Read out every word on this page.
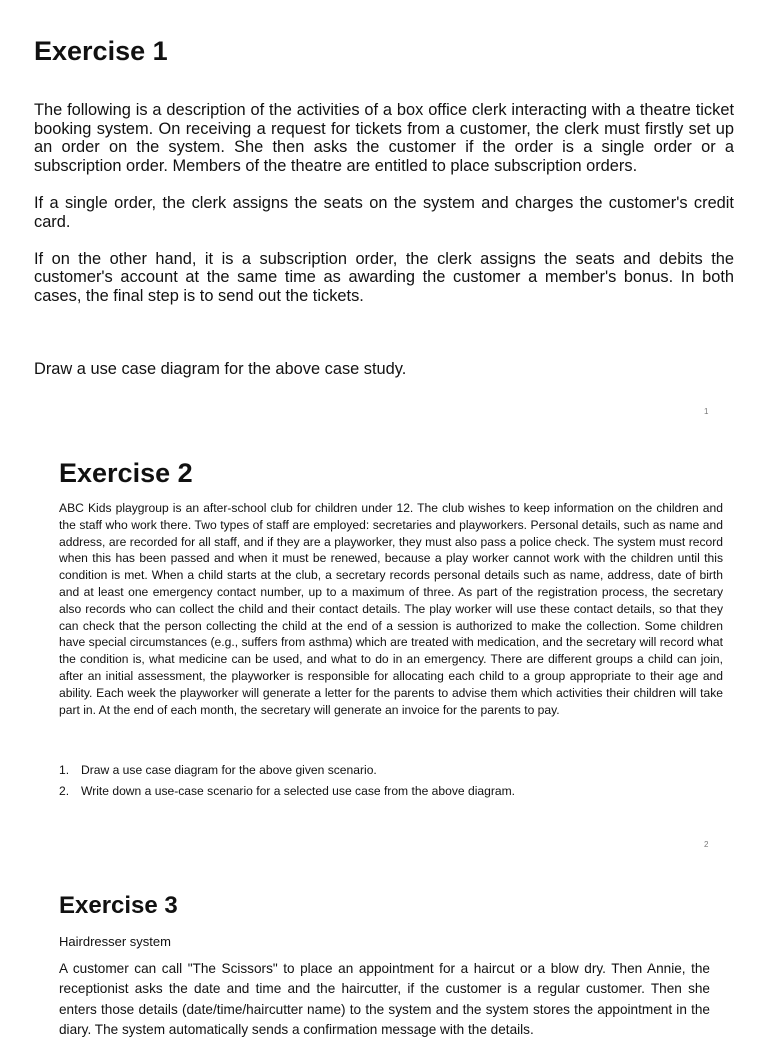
Exercise 1

The following is a description of the activities of a box office clerk interacting with a theatre ticket booking system. On receiving a request for tickets from a customer, the clerk must firstly set up an order on the system. She then asks the customer if the order is a single order or a subscription order. Members of the theatre are entitled to place subscription orders.

If a single order, the clerk assigns the seats on the system and charges the customer's credit card.

If on the other hand, it is a subscription order, the clerk assigns the seats and debits the customer's account at the same time as awarding the customer a member's bonus. In both cases, the final step is to send out the tickets.

Draw a use case diagram for the above case study.
1
Exercise 2

ABC Kids playgroup is an after-school club for children under 12. The club wishes to keep information on the children and the staff who work there. Two types of staff are employed: secretaries and playworkers. Personal details, such as name and address, are recorded for all staff, and if they are a playworker, they must also pass a police check. The system must record when this has been passed and when it must be renewed, because a play worker cannot work with the children until this condition is met. When a child starts at the club, a secretary records personal details such as name, address, date of birth and at least one emergency contact number, up to a maximum of three. As part of the registration process, the secretary also records who can collect the child and their contact details. The play worker will use these contact details, so that they can check that the person collecting the child at the end of a session is authorized to make the collection. Some children have special circumstances (e.g., suffers from asthma) which are treated with medication, and the secretary will record what the condition is, what medicine can be used, and what to do in an emergency. There are different groups a child can join, after an initial assessment, the playworker is responsible for allocating each child to a group appropriate to their age and ability. Each week the playworker will generate a letter for the parents to advise them which activities their children will take part in. At the end of each month, the secretary will generate an invoice for the parents to pay.

1. Draw a use case diagram for the above given scenario.
2. Write down a use-case scenario for a selected use case from the above diagram.
2
Exercise 3
Hairdresser system

A customer can call "The Scissors" to place an appointment for a haircut or a blow dry. Then Annie, the receptionist asks the date and time and the haircutter, if the customer is a regular customer. Then she enters those details (date/time/haircutter name) to the system and the system stores the appointment in the diary. The system automatically sends a confirmation message with the details.
